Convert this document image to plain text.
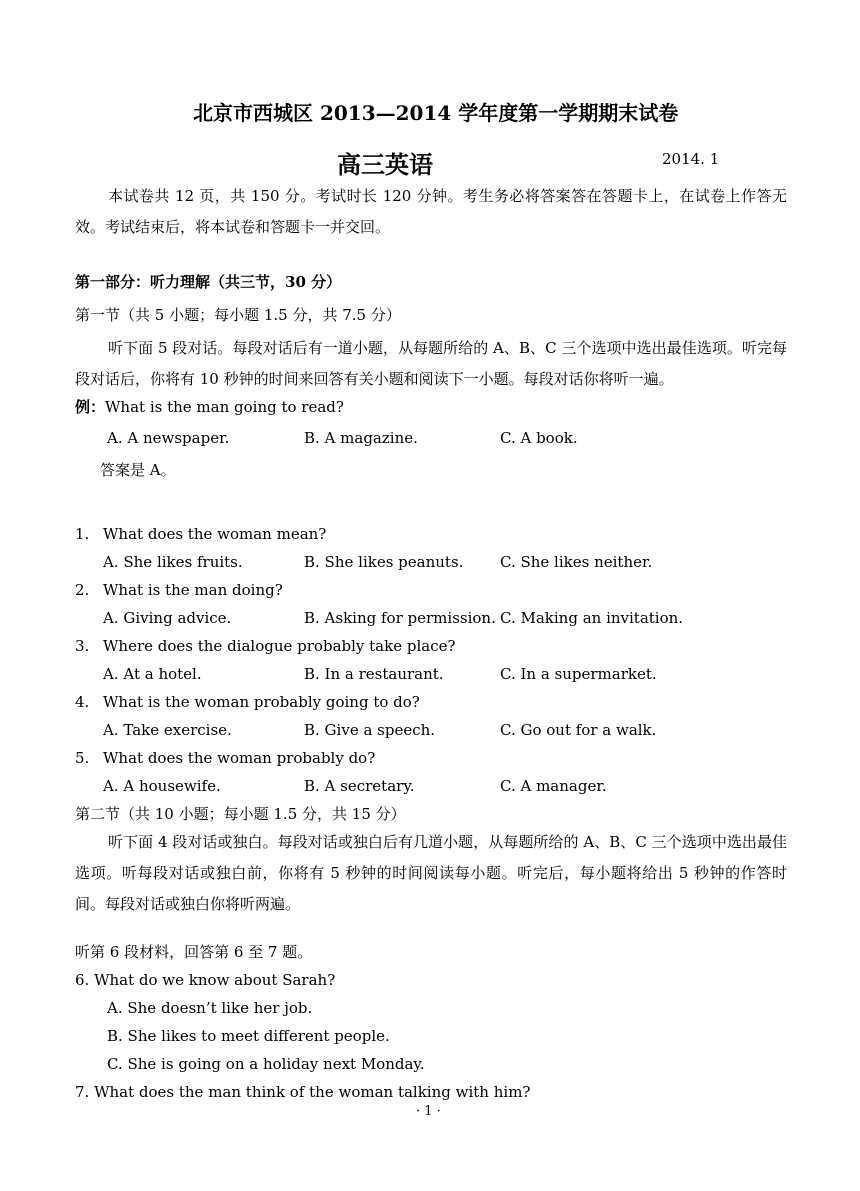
北京市西城区 2013—2014 学年度第一学期期末试卷
高三英语	2014. 1
本试卷共 12 页，共 150 分。考试时长 120 分钟。考生务必将答案答在答题卡上，在试卷上作答无效。考试结束后，将本试卷和答题卡一并交回。
第一部分：听力理解（共三节，30 分）
第一节（共 5 小题；每小题 1.5 分，共 7.5 分）
听下面 5 段对话。每段对话后有一道小题，从每题所给的 A、B、C 三个选项中选出最佳选项。听完每段对话后，你将有 10 秒钟的时间来回答有关小题和阅读下一小题。每段对话你将听一遍。
例：What is the man going to read?
A. A newspaper.	B. A magazine.	C. A book.
答案是 A。
1. What does the woman mean?
A. She likes fruits.	B. She likes peanuts. C. She likes neither.
2. What is the man doing?
A. Giving advice.	B. Asking for permission. C. Making an invitation.
3. Where does the dialogue probably take place?
A. At a hotel.	B. In a restaurant.	C. In a supermarket.
4. What is the woman probably going to do?
A. Take exercise.	B. Give a speech.	C. Go out for a walk.
5. What does the woman probably do?
A. A housewife.	B. A secretary.	C. A manager.
第二节（共 10 小题；每小题 1.5 分，共 15 分）
听下面 4 段对话或独白。每段对话或独白后有几道小题，从每题所给的 A、B、C 三个选项中选出最佳选项。听每段对话或独白前，你将有 5 秒钟的时间阅读每小题。听完后，每小题将给出 5 秒钟的作答时间。每段对话或独白你将听两遍。
听第 6 段材料，回答第 6 至 7 题。
6. What do we know about Sarah?
A. She doesn’t like her job.
B. She likes to meet different people.
C. She is going on a holiday next Monday.
7. What does the man think of the woman talking with him?
· 1 ·
